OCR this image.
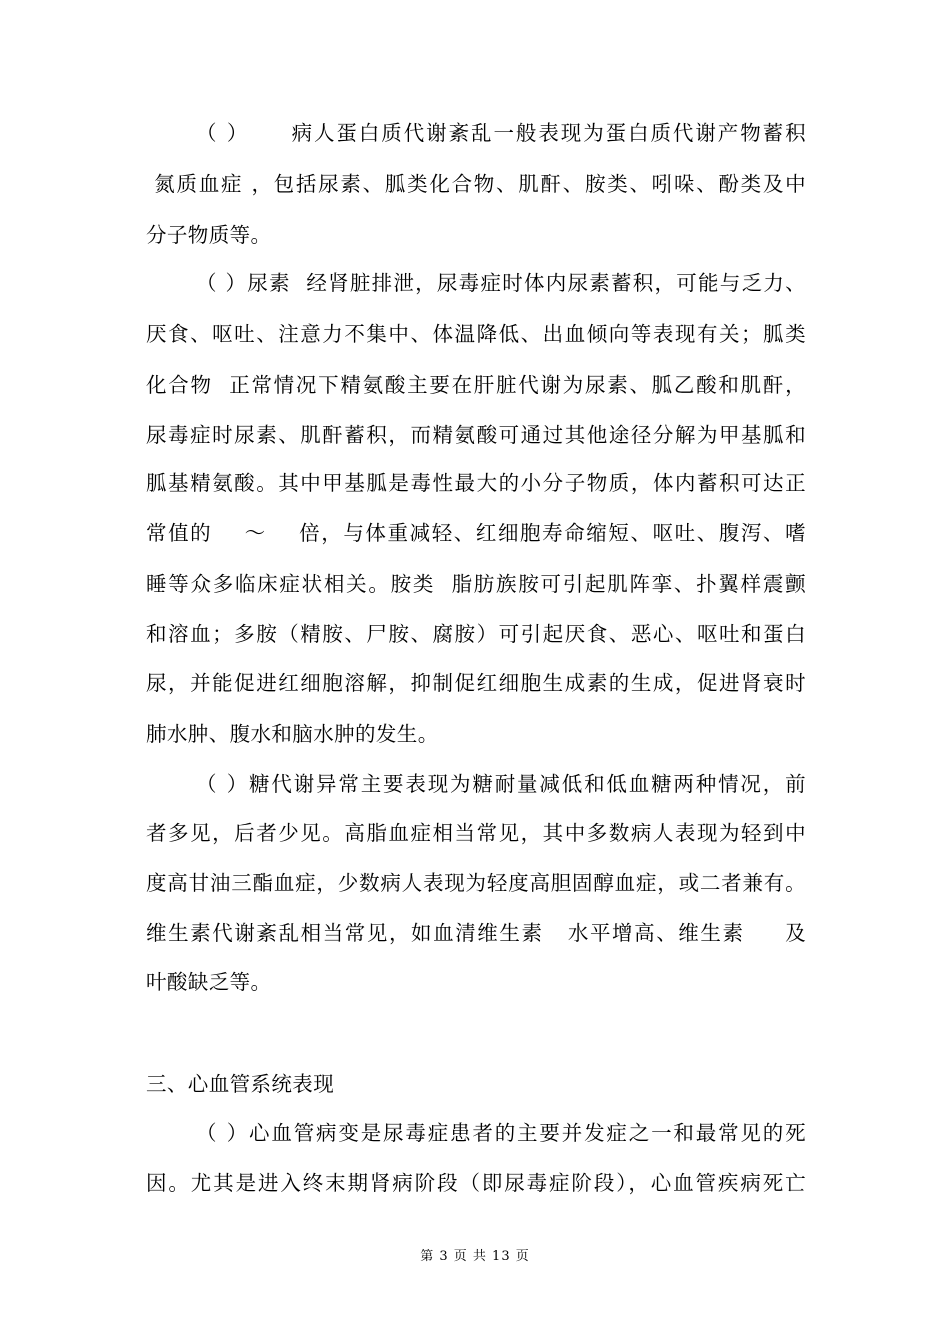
（ ）     病人蛋白质代谢紊乱一般表现为蛋白质代谢产物蓄积
氮质血症 ，包括尿素、胍类化合物、肌酐、胺类、吲哚、酚类及中
分子物质等。
（ ）尿素  经肾脏排泄，尿毒症时体内尿素蓄积，可能与乏力、
厌食、呕吐、注意力不集中、体温降低、出血倾向等表现有关；胍类
化合物  正常情况下精氨酸主要在肝脏代谢为尿素、胍乙酸和肌酐，
尿毒症时尿素、肌酐蓄积，而精氨酸可通过其他途径分解为甲基胍和
胍基精氨酸。其中甲基胍是毒性最大的小分子物质，体内蓄积可达正
常值的    ～    倍，与体重减轻、红细胞寿命缩短、呕吐、腹泻、嗜
睡等众多临床症状相关。胺类  脂肪族胺可引起肌阵挛、扑翼样震颤
和溶血；多胺（精胺、尸胺、腐胺）可引起厌食、恶心、呕吐和蛋白
尿，并能促进红细胞溶解，抑制促红细胞生成素的生成，促进肾衰时
肺水肿、腹水和脑水肿的发生。
（ ）糖代谢异常主要表现为糖耐量减低和低血糖两种情况，前
者多见，后者少见。高脂血症相当常见，其中多数病人表现为轻到中
度高甘油三酯血症，少数病人表现为轻度高胆固醇血症，或二者兼有。
维生素代谢紊乱相当常见，如血清维生素   水平增高、维生素     及
叶酸缺乏等。
三、心血管系统表现
（ ）心血管病变是尿毒症患者的主要并发症之一和最常见的死
因。尤其是进入终末期肾病阶段（即尿毒症阶段），心血管疾病死亡
第 3 页 共 13 页
